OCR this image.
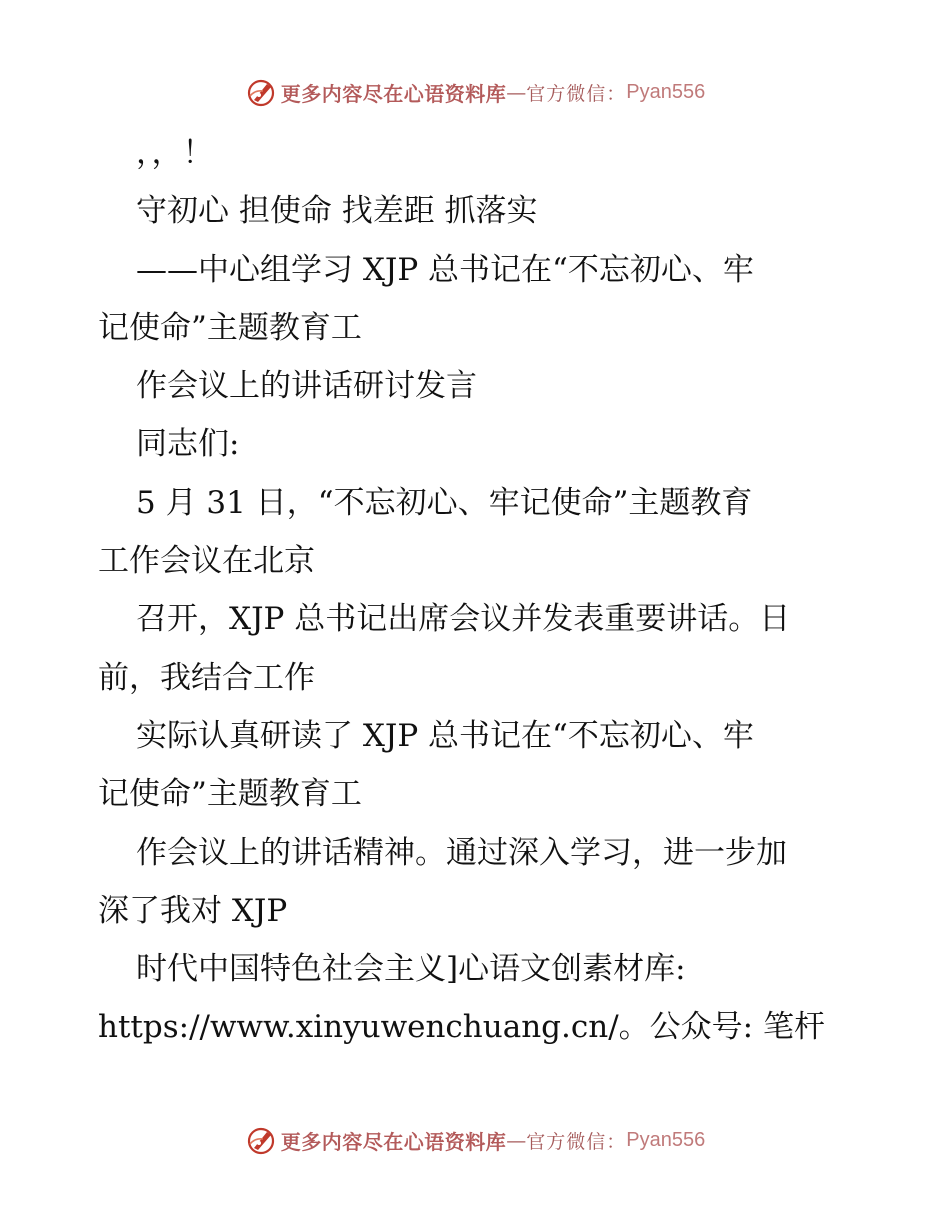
更多内容尽在心语资料库 — 官方微信： Pyan556
，，！
守初心 担使命 找差距 抓落实
——中心组学习 XJP 总书记在“不忘初心、牢
记使命”主题教育工
作会议上的讲话研讨发言
同志们:
5 月 31 日，“不忘初心、牢记使命”主题教育
工作会议在北京
召开，XJP 总书记出席会议并发表重要讲话。日
前，我结合工作
实际认真研读了 XJP 总书记在“不忘初心、牢
记使命”主题教育工
作会议上的讲话精神。通过深入学习，进一步加
深了我对 XJP
时代中国特色社会主义]心语文创素材库:
https://www.xinyuwenchuang.cn/。公众号: 笔杆
更多内容尽在心语资料库 — 官方微信： Pyan556
